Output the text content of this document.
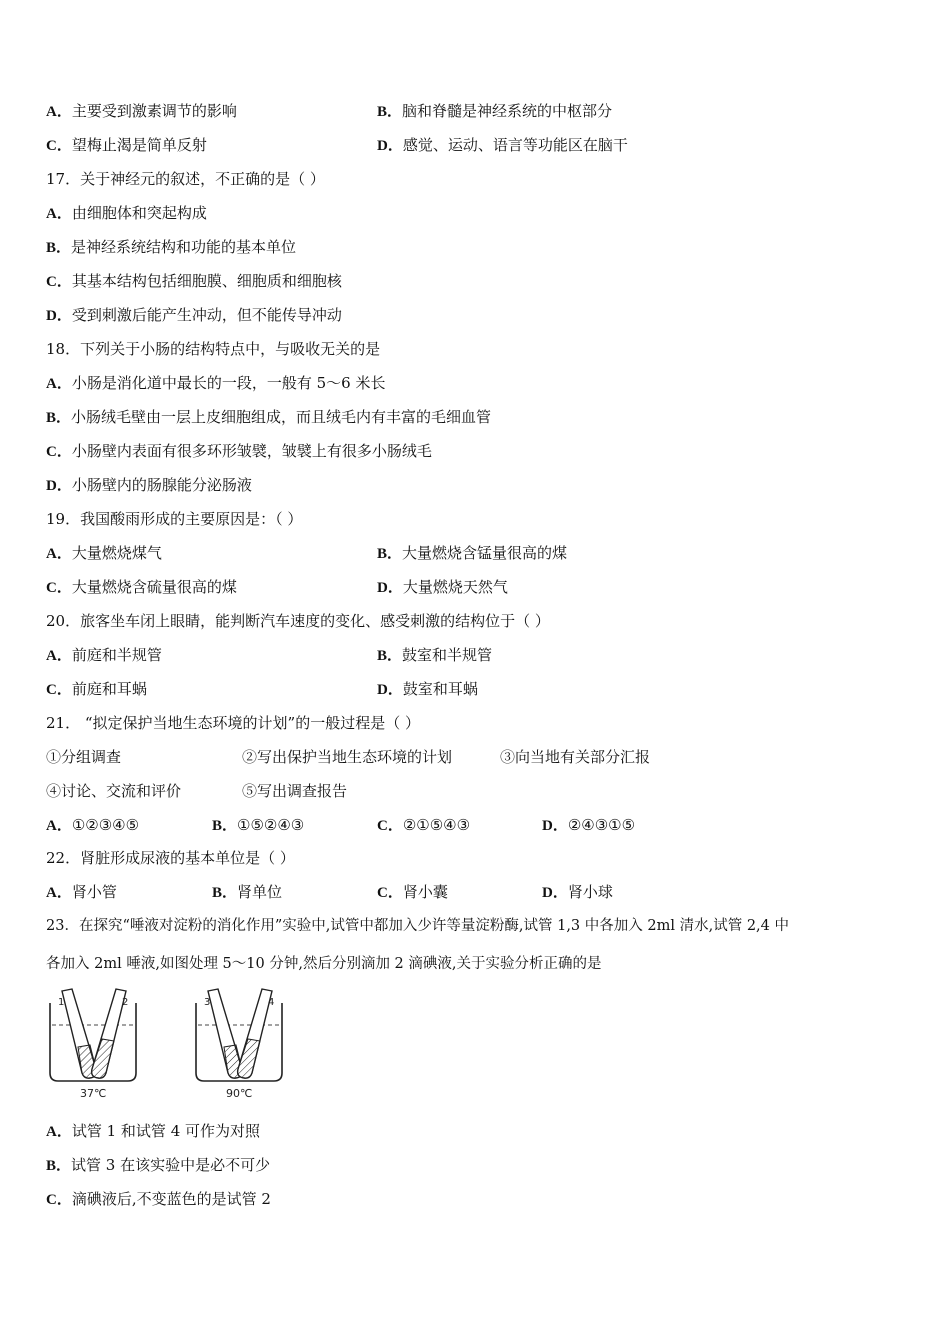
A．主要受到激素调节的影响	B．脑和脊髓是神经系统的中枢部分
C．望梅止渴是简单反射	D．感觉、运动、语言等功能区在脑干
17．关于神经元的叙述，不正确的是（ ）
A．由细胞体和突起构成
B．是神经系统结构和功能的基本单位
C．其基本结构包括细胞膜、细胞质和细胞核
D．受到刺激后能产生冲动，但不能传导冲动
18．下列关于小肠的结构特点中，与吸收无关的是
A．小肠是消化道中最长的一段，一般有 5～6 米长
B．小肠绒毛壁由一层上皮细胞组成，而且绒毛内有丰富的毛细血管
C．小肠壁内表面有很多环形皱襞，皱襞上有很多小肠绒毛
D．小肠壁内的肠腺能分泌肠液
19．我国酸雨形成的主要原因是：（ ）
A．大量燃烧煤气	B．大量燃烧含锰量很高的煤
C．大量燃烧含硫量很高的煤	D．大量燃烧天然气
20．旅客坐车闭上眼睛，能判断汽车速度的变化、感受刺激的结构位于（ ）
A．前庭和半规管	B．鼓室和半规管
C．前庭和耳蜗	D．鼓室和耳蜗
21． “拟定保护当地生态环境的计划”的一般过程是（ ）
①分组调查	②写出保护当地生态环境的计划	③向当地有关部分汇报
④讨论、交流和评价	⑤写出调查报告
A．①②③④⑤	B．①⑤②④③	C．②①⑤④③	D．②④③①⑤
22．肾脏形成尿液的基本单位是（ ）
A．肾小管	B．肾单位	C．肾小囊	D．肾小球
23．在探究“唾液对淀粉的消化作用”实验中,试管中都加入少许等量淀粉酶,试管 1,3 中各加入 2ml 清水,试管 2,4 中
各加入 2ml 唾液,如图处理 5～10 分钟,然后分别滴加 2 滴碘液,关于实验分析正确的是
1	2
37℃
3	4
90℃
A．试管 1 和试管 4 可作为对照
B．试管 3 在该实验中是必不可少
C．滴碘液后,不变蓝色的是试管 2
